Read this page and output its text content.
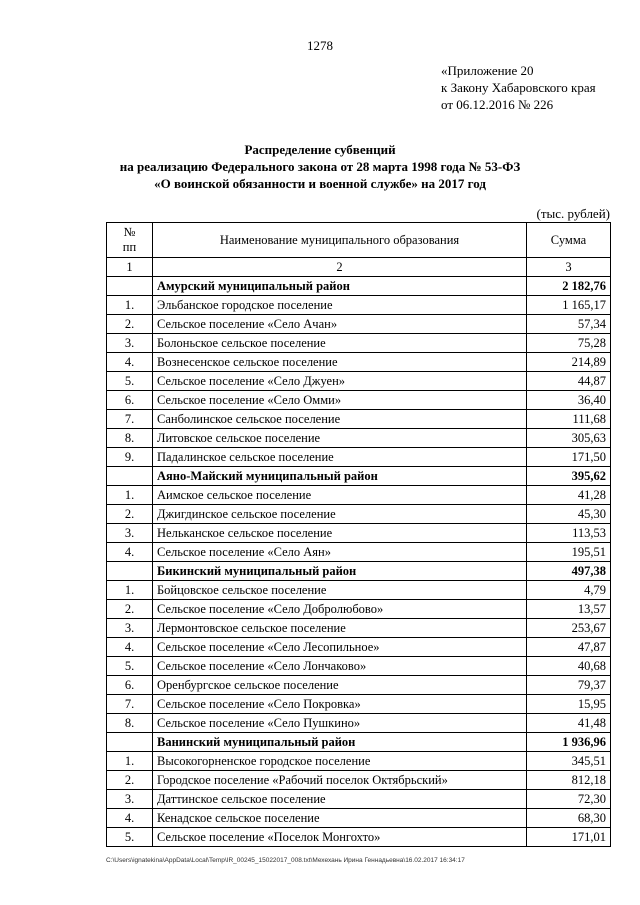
1278
«Приложение 20
к Закону Хабаровского края
от 06.12.2016 № 226
Распределение субвенций
на реализацию Федерального закона от 28 марта 1998 года № 53-ФЗ
«О воинской обязанности и военной службе» на 2017 год
(тыс. рублей)
№
пп	Наименование муниципального образования	Сумма
1	2	3
	Амурский муниципальный район	2 182,76
1.	Эльбанское городское поселение	1 165,17
2.	Сельское поселение «Село Ачан»	57,34
3.	Болоньское сельское поселение	75,28
4.	Вознесенское сельское поселение	214,89
5.	Сельское поселение «Село Джуен»	44,87
6.	Сельское поселение «Село Омми»	36,40
7.	Санболинское сельское поселение	111,68
8.	Литовское сельское поселение	305,63
9.	Падалинское сельское поселение	171,50
	Аяно-Майский муниципальный район	395,62
1.	Аимское сельское поселение	41,28
2.	Джигдинское сельское поселение	45,30
3.	Нельканское сельское поселение	113,53
4.	Сельское поселение «Село Аян»	195,51
	Бикинский муниципальный район	497,38
1.	Бойцовское сельское поселение	4,79
2.	Сельское поселение «Село Добролюбово»	13,57
3.	Лермонтовское сельское поселение	253,67
4.	Сельское поселение «Село Лесопильное»	47,87
5.	Сельское поселение «Село Лончаково»	40,68
6.	Оренбургское сельское поселение	79,37
7.	Сельское поселение «Село Покровка»	15,95
8.	Сельское поселение «Село Пушкино»	41,48
	Ванинский муниципальный район	1 936,96
1.	Высокогорненское городское поселение	345,51
2.	Городское поселение «Рабочий поселок Октябрьский»	812,18
3.	Даттинское сельское поселение	72,30
4.	Кенадское сельское поселение	68,30
5.	Сельское поселение «Поселок Монгохто»	171,01
C:\Users\ignatekina\AppData\Local\Temp\IR_00245_15022017_008.txt\Мехехань Ирина Геннадьевна\16.02.2017 16:34:17
